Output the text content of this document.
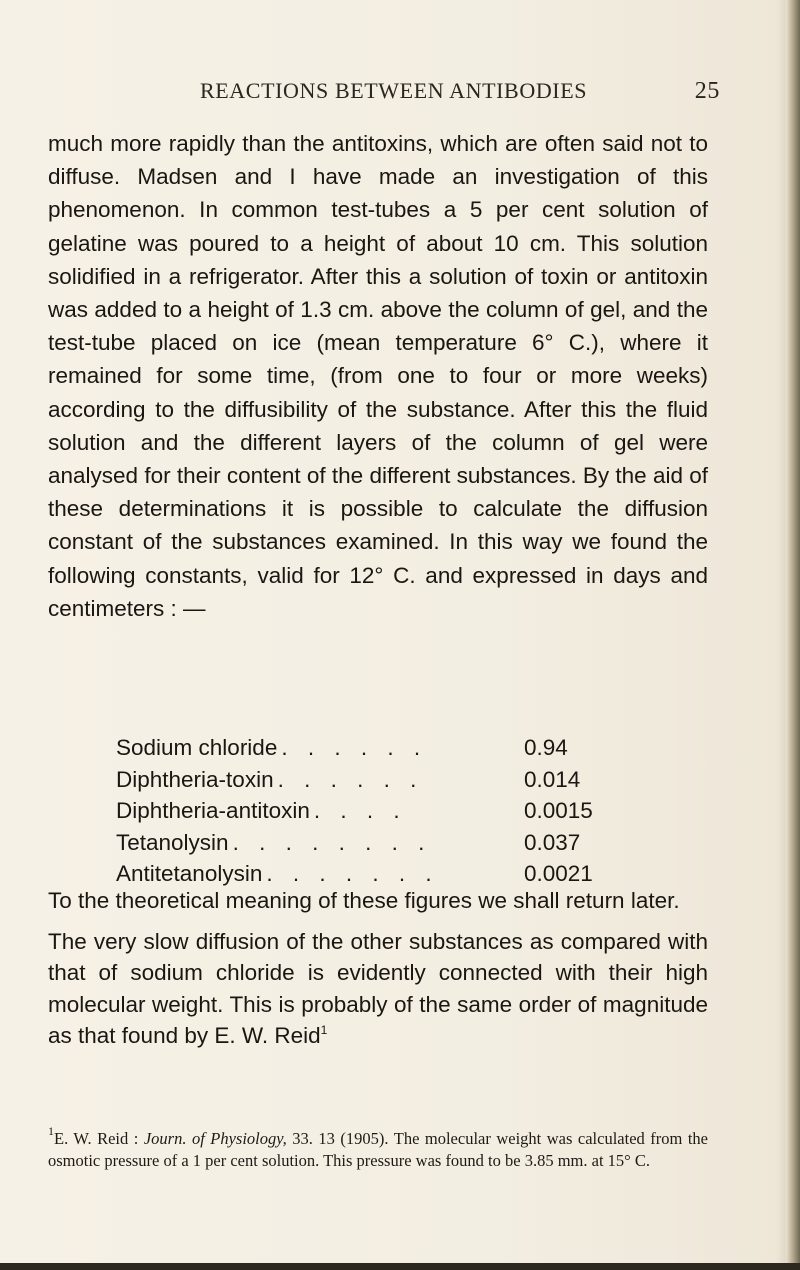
REACTIONS BETWEEN ANTIBODIES	25

much more rapidly than the antitoxins, which are often said not to diffuse. Madsen and I have made an investigation of this phenomenon. In common test-tubes a 5 per cent solution of gelatine was poured to a height of about 10 cm. This solution solidified in a refrigerator. After this a solution of toxin or antitoxin was added to a height of 1.3 cm. above the column of gel, and the test-tube placed on ice (mean temperature 6° C.), where it remained for some time, (from one to four or more weeks) according to the diffusibility of the substance. After this the fluid solution and the different layers of the column of gel were analysed for their content of the different substances. By the aid of these determinations it is possible to calculate the diffusion constant of the substances examined. In this way we found the following constants, valid for 12° C. and expressed in days and centimeters : —

Sodium chloride . . . . . .	0.94
Diphtheria-toxin . . . . . .	0.014
Diphtheria-antitoxin . . . .	0.0015
Tetanolysin . . . . . . . .	0.037
Antitetanolysin . . . . . . .	0.0021

To the theoretical meaning of these figures we shall return later.

The very slow diffusion of the other substances as compared with that of sodium chloride is evidently connected with their high molecular weight. This is probably of the same order of magnitude as that found by E. W. Reid$^1$

$^1$E. W. Reid : Journ. of Physiology, 33. 13 (1905). The molecular weight was calculated from the osmotic pressure of a 1 per cent solution. This pressure was found to be 3.85 mm. at 15° C.
